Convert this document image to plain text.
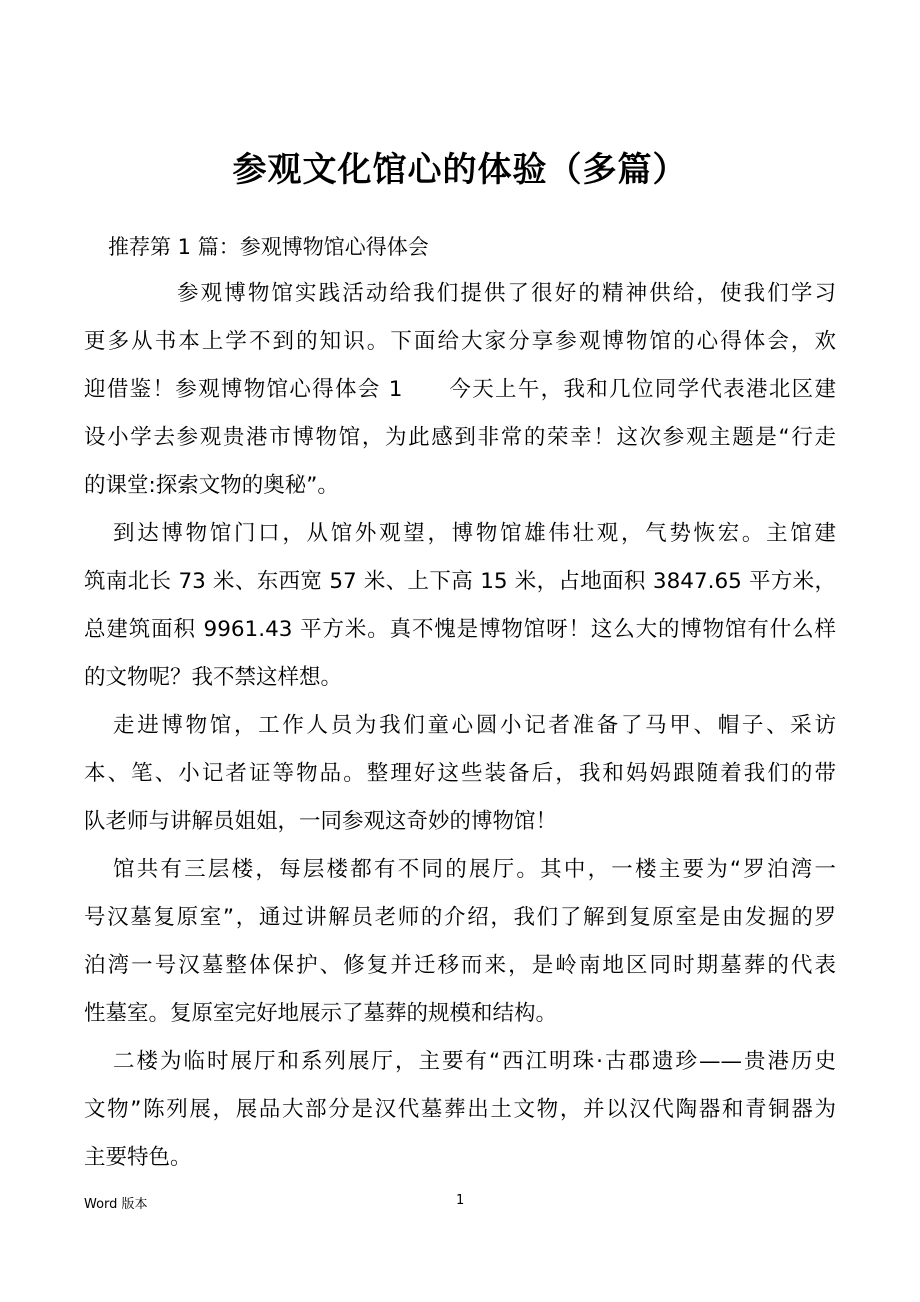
参观文化馆心的体验（多篇）
推荐第 1 篇：参观博物馆心得体会
参观博物馆实践活动给我们提供了很好的精神供给，使我们学习
更多从书本上学不到的知识。下面给大家分享参观博物馆的心得体会，欢
迎借鉴！参观博物馆心得体会 1　　今天上午，我和几位同学代表港北区建
设小学去参观贵港市博物馆，为此感到非常的荣幸！这次参观主题是“行走
的课堂:探索文物的奥秘”。
到达博物馆门口，从馆外观望，博物馆雄伟壮观，气势恢宏。主馆建
筑南北长 73 米、东西宽 57 米、上下高 15 米，占地面积 3847.65 平方米，
总建筑面积 9961.43 平方米。真不愧是博物馆呀！这么大的博物馆有什么样
的文物呢？我不禁这样想。
走进博物馆，工作人员为我们童心圆小记者准备了马甲、帽子、采访
本、笔、小记者证等物品。整理好这些装备后，我和妈妈跟随着我们的带
队老师与讲解员姐姐，一同参观这奇妙的博物馆！
馆共有三层楼，每层楼都有不同的展厅。其中，一楼主要为“罗泊湾一
号汉墓复原室”，通过讲解员老师的介绍，我们了解到复原室是由发掘的罗
泊湾一号汉墓整体保护、修复并迁移而来，是岭南地区同时期墓葬的代表
性墓室。复原室完好地展示了墓葬的规模和结构。
二楼为临时展厅和系列展厅，主要有“西江明珠·古郡遗珍——贵港历史
文物”陈列展，展品大部分是汉代墓葬出土文物，并以汉代陶器和青铜器为
主要特色。
Word 版本	1
